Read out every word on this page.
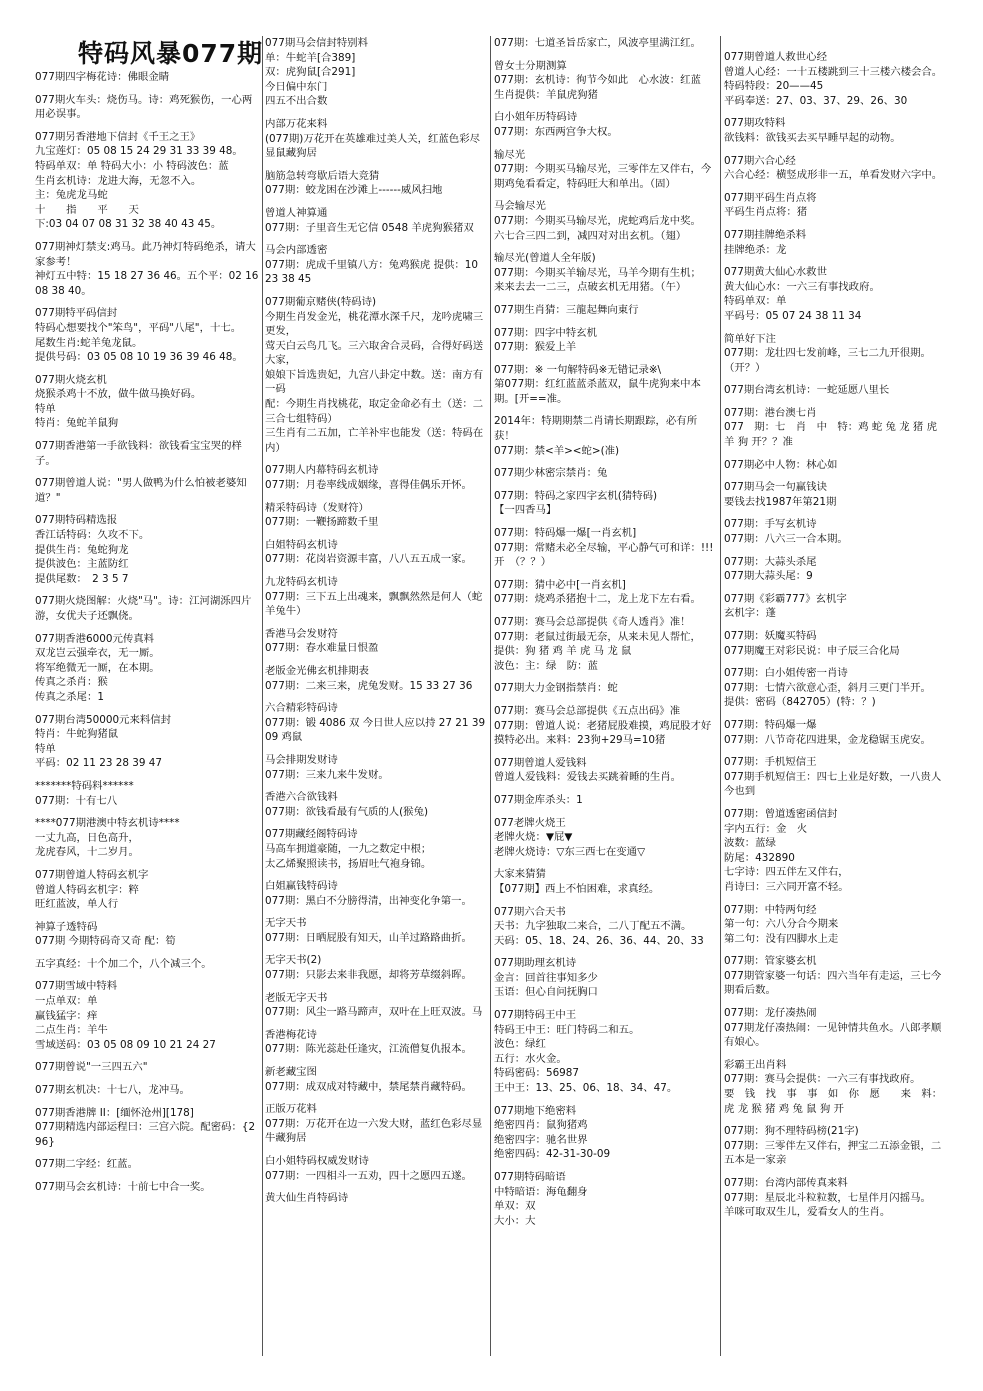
特码风暴077期
077期四字梅花诗：佛眼金睛
077期火车头：烧伤马。诗：鸡死猴伤，一心两用必误事。
077期另香港地下信封《千王之王》
九宝莲灯：05 08 15 24 29 31 33 39 48。
特码单双：单 特码大小：小 特码波色：蓝
生肖玄机诗：龙进大海，无忽不入。
主：兔虎龙马蛇
十　　指　　平　　天
下:03 04 07 08 31 32 38 40 43 45。
077期神灯禁支:鸡马。此乃神灯特码绝杀，请大家参考！
神灯五中特：15 18 27 36 46。五个平：02 16 08 38 40。
077期特平码信封
特码心想要找个"笨鸟"，平码"八尾"，十七。
尾数生肖:蛇羊兔龙鼠。
提供号码：03 05 08 10 19 36 39 46 48。
077期火烧玄机
烧猴杀鸡十不放，做牛做马换好码。
特单
特肖：兔蛇羊鼠狗
077期香港第一手欲钱料：欲钱看宝宝哭的样子。
077期曾道人说："男人做鸭为什么怕被老婆知道？"
077期特码精选报
香江话特码：久攻不下。
提供生肖：兔蛇狗龙
提供波色：主蓝防红
提供尾数：　2 3 5 7
077期火烧图解：火烧"马"。诗：江河湖泺四片游，女优夫子还飘侥。
077期香港6000元传真料
双龙岂云强牵衣，无一厮。
将军绝微无一厮，在本期。
传真之杀肖：猴
传真之杀尾：1
077期台湾50000元来料信封
特肖：牛蛇狗猪鼠
特单
平码：02 11 23 28 39 47
*******特码料******
077期：十有七八
****077期港澳中特玄机诗****
一丈九高，日色高升，
龙虎春风，十二岁月。
077期曾道人特码玄机字
曾道人特码玄机字：粹
旺红蓝波，单人行
神算子透特码
077期 今期特码奇又奇 配：筍
五字真经：十个加二个，八个减三个。
077期雪域中特料
一点单双：单
赢钱猛字：痒
二点生肖：羊牛
雪域送码：03 05 08 09 10 21 24 27
077期曾说"一三四五六"
077期玄机决：十七八，龙冲马。
077期香港牌 II：[缅怀沧州][178]
077期精选内部运程曰：三宫六院。配密码：{296}
077期二字经：红蓝。
077期马会玄机诗：十前七中合一奖。
077期马会信封特别料
单：牛蛇羊[合389]
双：虎狗鼠[合291]
今日偏中东门
四五不出合数
内部万花来料
(077期)万花开在英雄难过美人关，红蓝色彩尽显鼠藏狗居
脑筋急转弯歇后语大竞猜
077期：蛟龙困在沙滩上------威风扫地
曾道人神算通
077期：子里音生无它信 0548 羊虎狗猴猪双
马会内部透密
077期：虎成千里镇八方：兔鸡猴虎 提供：10 23 38 45
077期葡京赌侠(特码诗)
今期生肖发金光，桃花潭水深千尺，龙吟虎啸三更发，
莺天白云鸟几飞。三六取舍合灵码，合得好码送大家，
娘娘下旨选贵妃，九宫八卦定中数。送：南方有一码
配：今期生肖找桃花，取定金命必有土（送：二三合七组特码）
三生肖有二五加，亡羊补牢也能发（送：特码在内）
077期人内幕特码玄机诗
077期：月卷率线成姻缘，喜得佳偶乐开怀。
精采特码诗（发财符）
077期：一鞭扬蹄数千里
白姐特码玄机诗
077期：花岗岩资源丰富，八八五五成一家。
九龙特码玄机诗
077期：三下五上出魂来，飘飘然然是何人（蛇羊兔牛）
香港马会发财符
077期：春水难量日恨盈
老版金光佛玄机排期表
077期：二来三来，虎兔发财。15 33 27 36
六合精彩特码诗
077期：锻 4086 双 今日世人应以持 27 21 39 09 鸡鼠
马会排期发财诗
077期：三来九来牛发财。
香港六合欲钱料
077期：欲钱看最有气质的人(猴兔)
077期藏经阁特码诗
马高车拥道豪随，一九之数定中根；
太乙烯聚照读书，扬眉吐气袍身锦。
白姐赢钱特码诗
077期：黑白不分膀得清，出神变化争第一。
无字天书
077期：日晒屁股有知天，山羊过路路曲折。
无字天书(2)
077期：只影去来非我愿，却将芳草缀斜晖。
老版无字天书
077期：风尘一路马蹄声，双叶在上旺双波。马
香港梅花诗
077期：陈光蕊赴任逢灾，江流僧复仇报本。
新老藏宝图
077期：成双成对特藏中，禁尾禁肖藏特码。
正版万花料
077期：万花开在边一六发大财，蓝红色彩尽显牛藏狗居
白小姐特码权威发财诗
077期：一四相斗一五劝，四十之愿四五遂。
黄大仙生肖特码诗
077期：七道圣旨岳家亡，风波亭里满江红。
曾女士分期测算
077期：玄机诗：徇节今如此　心水波：红蓝　生肖提供：羊鼠虎狗猪
白小姐年历特码诗
077期：东西两宫争大权。
输尽光
077期：今期买马输尽光，三零伴左又伴右，今期鸡兔看看定，特码旺大和单出。（固）
马会输尽光
077期：今期买马输尽光，虎蛇鸡后龙中奖。
六七合三四二到，减四对对出玄机。（翅）
输尽光(曾道人全年版)
077期：今期买羊输尽光，马羊今期有生机；
来来去去一二三，点破玄机无用猪。（午）
077期生肖猜：三龍起舞向東行
077期：四字中特玄机
077期：猴爱上羊
077期：※ 一句解特码※无错记录※\
第077期：红红蓝蓝杀蓝双，鼠牛虎狗来中本期。[开==准。
2014年：特期期禁二肖请长期跟踪，必有所获！
077期：禁<羊><蛇>(准)
077期少林密宗禁肖：兔
077期：特码之家四字玄机(猜特码)
【一四香马】
077期：特码爆一爆[一肖玄机]
077期：常赌未必全尽输，平心静气可和详：!!!　开　（？？）
077期：猜中必中[一肖玄机]
077期：烧鸡杀猪抱十二，龙上龙下左右看。
077期：赛马会总部提供《奇人透肖》准！
077期：老鼠过街最无奈，从来未见人帮忙，
提供：狗 猪 鸡 羊 虎 马 龙 鼠
波色：主：绿　防：蓝
077期大力金钢指禁肖：蛇
077期：赛马会总部提供《五点出码》准
077期：曾道人说：老猪屁股难摸，鸡屁股才好摸特必出。来料：23狗+29马=10猪
077期曾道人爱钱料
曾道人爱钱料：爱钱去买跳着睡的生肖。
077期金库杀头：1
077老牌火烧王
老牌火烧：▼屁▼
老牌火烧诗：▽东三西七在变通▽
大家来猜猜
【077期】西上不怕困难，求真经。
077期六合天书
天书：九字独取二来合，二八丁配五不满。
天码：05、18、24、26、36、44、20、33
077期助理玄机诗
金言：回首往事知多少
玉语：但心自问抚胸口
077期特码王中王
特码王中王：旺门特码二和五。
波色：绿红
五行：水火金。
特码密码：56987
王中王：13、25、06、18、34、47。
077期地下绝密料
绝密四肖：鼠狗猪鸡
绝密四字：驰名世界
绝密四码：42-31-30-09
077期特码暗语
中特暗语：海龟翻身
单双：双
大小：大
077期曾道人救世心经
曾道人心经：一十五楼跳到三十三楼六楼会合。
特码特段：20——45
平码奉送：27、03、37、29、26、30
077期攻特料
欲钱料：欲钱买去买早睡早起的动物。
077期六合心经
六合心经：横竖成形非一五，单看发财六字中。
077期平码生肖点将
平码生肖点将：猪
077期挂牌绝杀料
挂牌绝杀：龙
077期黄大仙心水救世
黄大仙心水：一六三有事找政府。
特码单双：单
平码号：05 07 24 38 11 34
简单好下注
077期：龙壮四七发前峰，三七二九开很期。（开？）
077期台湾玄机诗：一蛇延愿八里长
077期：港台澳七肖
077　期：七　肖　中　特：鸡 蛇 兔 龙 猪 虎 羊 狗 开？？准
077期必中人物：林心如
077期马会一句赢钱诀
要钱去找1987年第21期
077期：手写玄机诗
077期：八六三一合本期。
077期：大蒜头杀尾
077期大蒜头尾：9
077期《彩霸777》玄机字
玄机字：蓬
077期：妖魔买特码
077期魔王对彩民说：申子辰三合化局
077期：白小姐传密一肖诗
077期：七情六欲意心歪，斜月三更门半开。
提供：密码（842705）(特：？)
077期：特码爆一爆
077期：八节奇花四进果，金龙稳锯玉虎安。
077期：手机短信王
077期手机短信王：四七上业是好数，一八贵人今也到
077期：曾道透密函信封
字内五行：金　火
波数：蓝绿
防尾：432890
七字诗：四五伴左又伴右，
肖诗曰：三六同开富不轻。
077期：中特两句经
第一句：六八分合今期来
第二句：没有四脚水上走
077期：管家婆玄机
077期管家婆一句话：四六当年有走运，三七今期看后数。
077期：龙仔凑热闹
077期龙仔凑热闹：一见钟情共鱼水。八郎孝顺有娘心。
彩霸王出肖料
077期：赛马会提供：一六三有事找政府。
要　钱　找　事　事　如　你　愿　　来　料：虎 龙 猴 猪 鸡 兔 鼠 狗 开
077期：狗不理特码榜(21字)
077期：三零伴左又伴右，押宝二五添金银，二五本是一家亲
077期：台湾内部传真来料
077期：星辰北斗粒粒数，七星伴月闪摇马。
羊咪可取双生儿，爱看女人的生肖。
